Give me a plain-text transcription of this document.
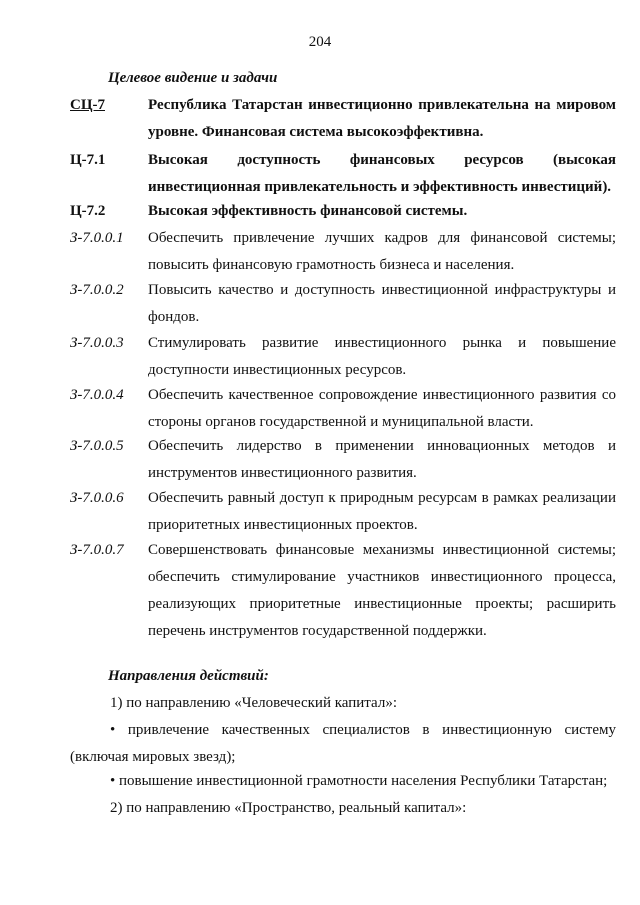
204
Целевое видение и задачи
СЦ-7	Республика Татарстан инвестиционно привлекательна на мировом уровне. Финансовая система высокоэффективна.
Ц-7.1	Высокая доступность финансовых ресурсов (высокая инвестиционная привлекательность и эффективность инвестиций).
Ц-7.2	Высокая эффективность финансовой системы.
З-7.0.0.1	Обеспечить привлечение лучших кадров для финансовой системы; повысить финансовую грамотность бизнеса и населения.
З-7.0.0.2	Повысить качество и доступность инвестиционной инфраструктуры и фондов.
З-7.0.0.3	Стимулировать развитие инвестиционного рынка и повышение доступности инвестиционных ресурсов.
З-7.0.0.4	Обеспечить качественное сопровождение инвестиционного развития со стороны органов государственной и муниципальной власти.
З-7.0.0.5	Обеспечить лидерство в применении инновационных методов и инструментов инвестиционного развития.
З-7.0.0.6	Обеспечить равный доступ к природным ресурсам в рамках реализации приоритетных инвестиционных проектов.
З-7.0.0.7	Совершенствовать финансовые механизмы инвестиционной системы; обеспечить стимулирование участников инвестиционного процесса, реализующих приоритетные инвестиционные проекты; расширить перечень инструментов государственной поддержки.
Направления действий:
1) по направлению «Человеческий капитал»:
• привлечение качественных специалистов в инвестиционную систему (включая мировых звезд);
• повышение инвестиционной грамотности населения Республики Татарстан;
2) по направлению «Пространство, реальный капитал»:
